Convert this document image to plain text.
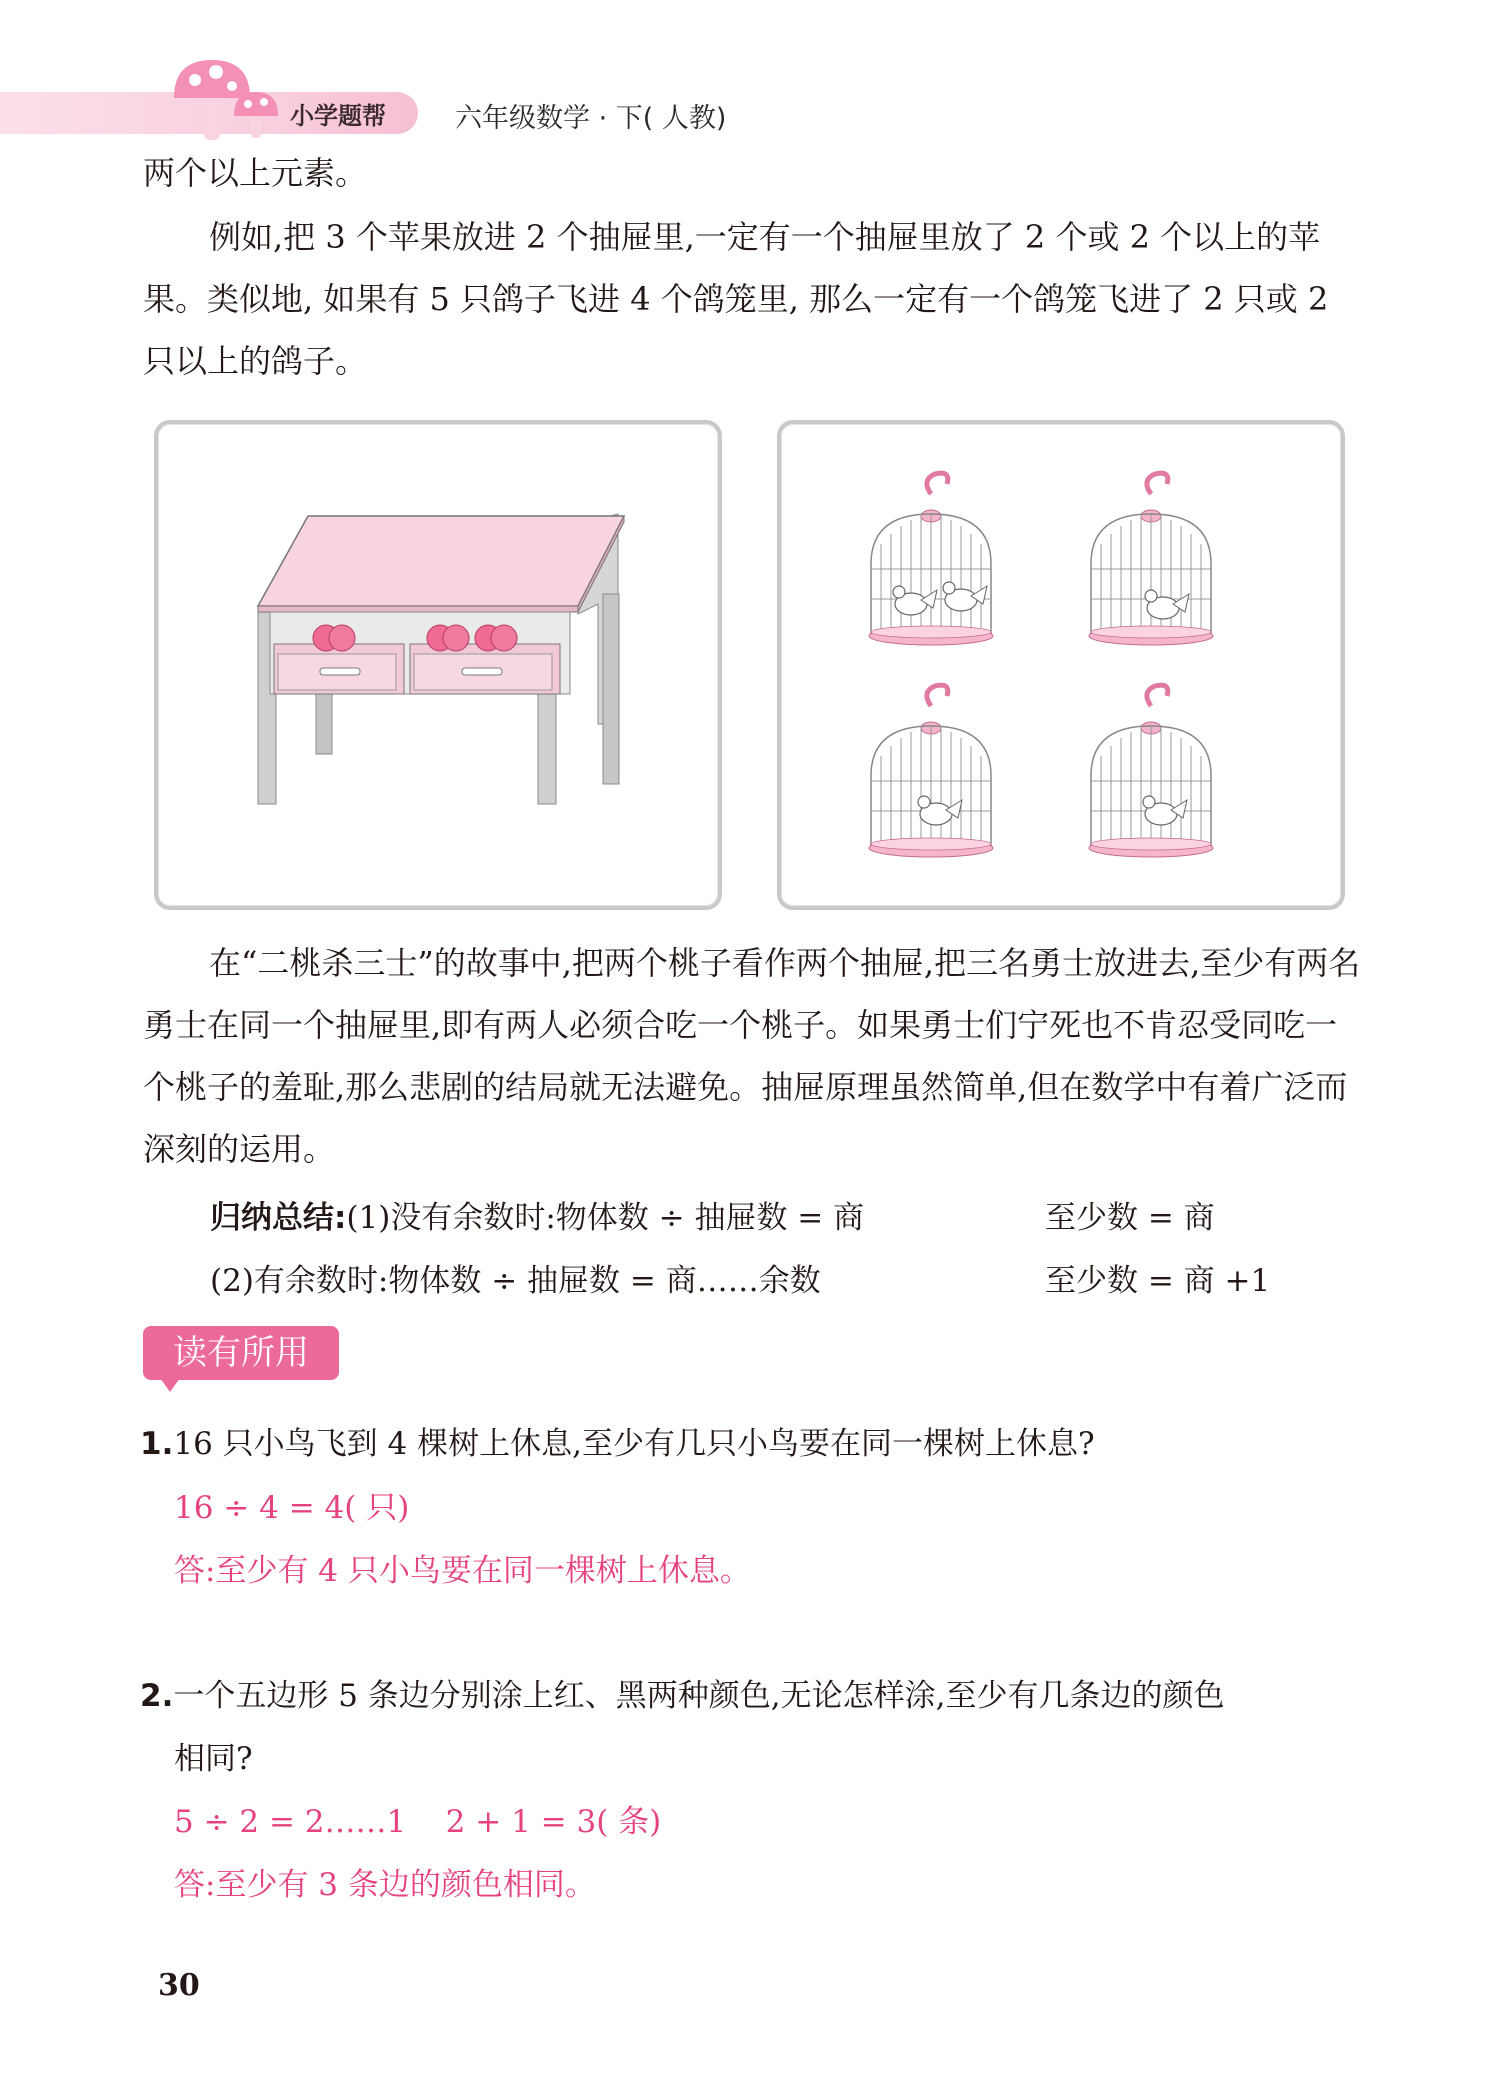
小学题帮	六年级数学 · 下( 人教)

两个以上元素。

例如,把 3 个苹果放进 2 个抽屉里,一定有一个抽屉里放了 2 个或 2 个以上的苹果。类似地, 如果有 5 只鸽子飞进 4 个鸽笼里, 那么一定有一个鸽笼飞进了 2 只或 2 只以上的鸽子。

在“二桃杀三士”的故事中,把两个桃子看作两个抽屉,把三名勇士放进去,至少有两名勇士在同一个抽屉里,即有两人必须合吃一个桃子。如果勇士们宁死也不肯忍受同吃一个桃子的羞耻,那么悲剧的结局就无法避免。抽屉原理虽然简单,但在数学中有着广泛而深刻的运用。

归纳总结:(1)没有余数时:物体数 ÷ 抽屉数 = 商	至少数 = 商
(2)有余数时:物体数 ÷ 抽屉数 = 商……余数	至少数 = 商 +1
读有所用
1.16 只小鸟飞到 4 棵树上休息,至少有几只小鸟要在同一棵树上休息?
16 ÷ 4 = 4( 只)
答:至少有 4 只小鸟要在同一棵树上休息。
2.一个五边形 5 条边分别涂上红、黑两种颜色,无论怎样涂,至少有几条边的颜色
相同?
5 ÷ 2 = 2……1    2 + 1 = 3( 条)
答:至少有 3 条边的颜色相同。
30
